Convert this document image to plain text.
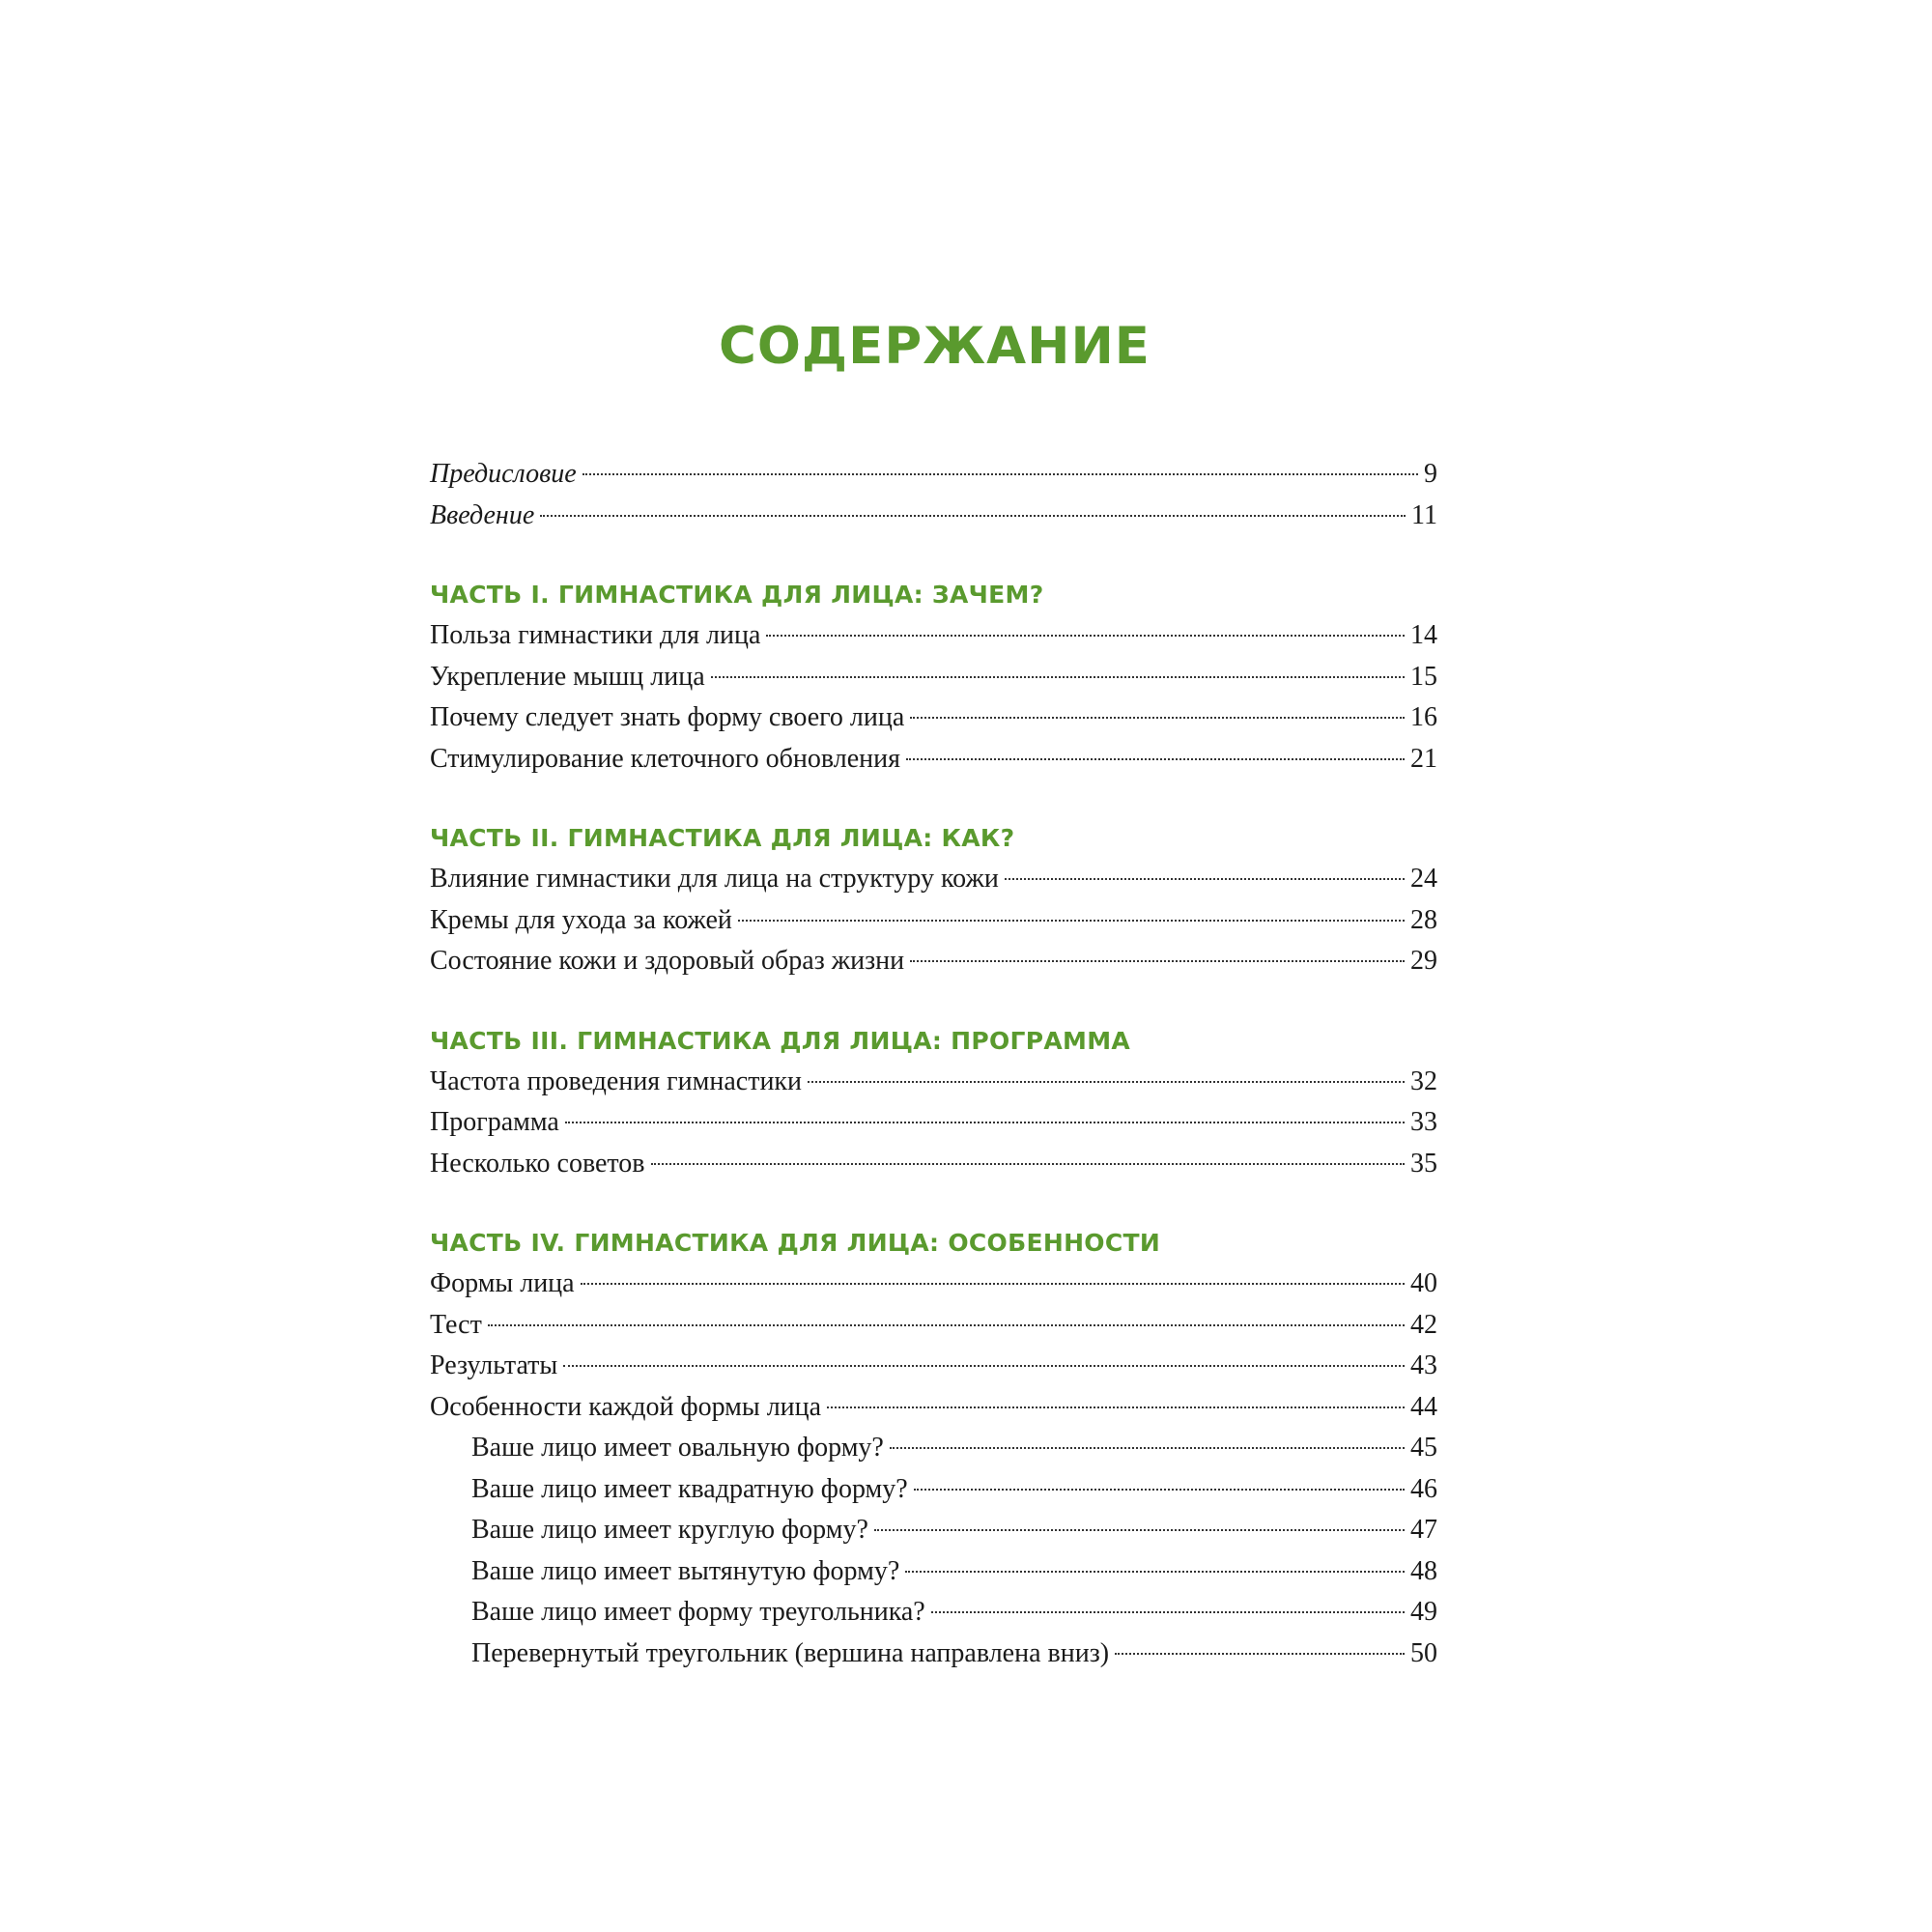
СОДЕРЖАНИЕ
Предисловие	9
Введение	11
ЧАСТЬ I. ГИМНАСТИКА ДЛЯ ЛИЦА: ЗАЧЕМ?
Польза гимнастики для лица	14
Укрепление мышц лица	15
Почему следует знать форму своего лица	16
Стимулирование клеточного обновления	21
ЧАСТЬ II. ГИМНАСТИКА ДЛЯ ЛИЦА: КАК?
Влияние гимнастики для лица на структуру кожи	24
Кремы для ухода за кожей	28
Состояние кожи и здоровый образ жизни	29
ЧАСТЬ III. ГИМНАСТИКА ДЛЯ ЛИЦА: ПРОГРАММА
Частота проведения гимнастики	32
Программа	33
Несколько советов	35
ЧАСТЬ IV. ГИМНАСТИКА ДЛЯ ЛИЦА: ОСОБЕННОСТИ
Формы лица	40
Тест	42
Результаты	43
Особенности каждой формы лица	44
Ваше лицо имеет овальную форму?	45
Ваше лицо имеет квадратную форму?	46
Ваше лицо имеет круглую форму?	47
Ваше лицо имеет вытянутую форму?	48
Ваше лицо имеет форму треугольника?	49
Перевернутый треугольник (вершина направлена вниз)	50
